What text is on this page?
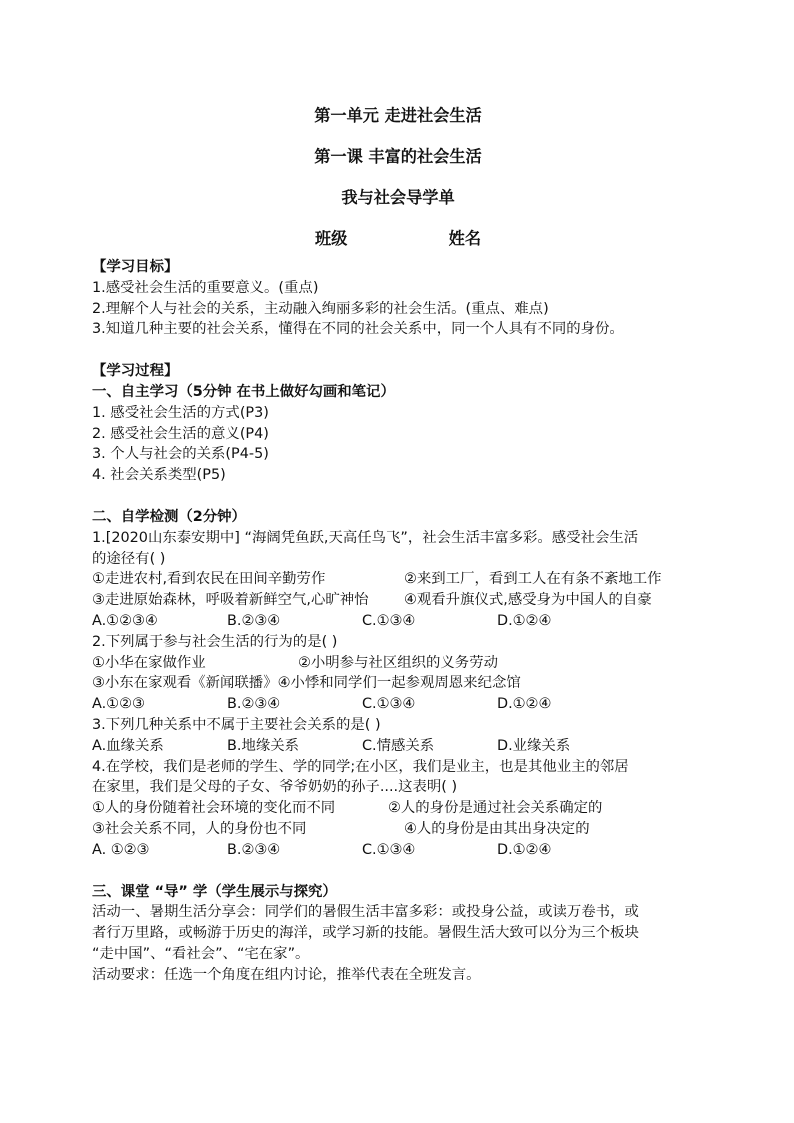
第一单元 走进社会生活
第一课 丰富的社会生活
我与社会导学单
班级	姓名
【学习目标】
1.感受社会生活的重要意义。(重点)
2.理解个人与社会的关系，主动融入绚丽多彩的社会生活。(重点、难点)
3.知道几种主要的社会关系，懂得在不同的社会关系中，同一个人具有不同的身份。
【学习过程】
一、自主学习（5分钟 在书上做好勾画和笔记）
1. 感受社会生活的方式(P3)
2. 感受社会生活的意义(P4)
3. 个人与社会的关系(P4-5)
4. 社会关系类型(P5)
二、自学检测（2分钟）
1.[2020山东泰安期中] “海阔凭鱼跃,天高任鸟飞”，社会生活丰富多彩。感受社会生活
的途径有( )
①走进农村,看到农民在田间辛勤劳作	②来到工厂，看到工人在有条不紊地工作
③走进原始森林，呼吸着新鲜空气,心旷神怡	④观看升旗仪式,感受身为中国人的自豪
A.①②③④	B.②③④	C.①③④	D.①②④
2.下列属于参与社会生活的行为的是( )
①小华在家做作业	②小明参与社区组织的义务劳动
③小东在家观看《新闻联播》 ④小悸和同学们一起参观周恩来纪念馆
A.①②③	B.②③④	C.①③④	D.①②④
3.下列几种关系中不属于主要社会关系的是( )
A.血缘关系	B.地缘关系	C.情感关系	D.业缘关系
4.在学校，我们是老师的学生、学的同学;在小区，我们是业主，也是其他业主的邻居
在家里，我们是父母的子女、爷爷奶奶的孙子....这表明( )
①人的身份随着社会环境的变化而不同	②人的身份是通过社会关系确定的
③社会关系不同，人的身份也不同	④人的身份是由其出身决定的
A. ①②③	B.②③④	C.①③④	D.①②④
三、课堂 “导” 学（学生展示与探究）
活动一、暑期生活分享会：同学们的暑假生活丰富多彩：或投身公益，或读万卷书，或
者行万里路，或畅游于历史的海洋，或学习新的技能。暑假生活大致可以分为三个板块
“走中国”、“看社会”、“宅在家”。
活动要求：任选一个角度在组内讨论，推举代表在全班发言。
